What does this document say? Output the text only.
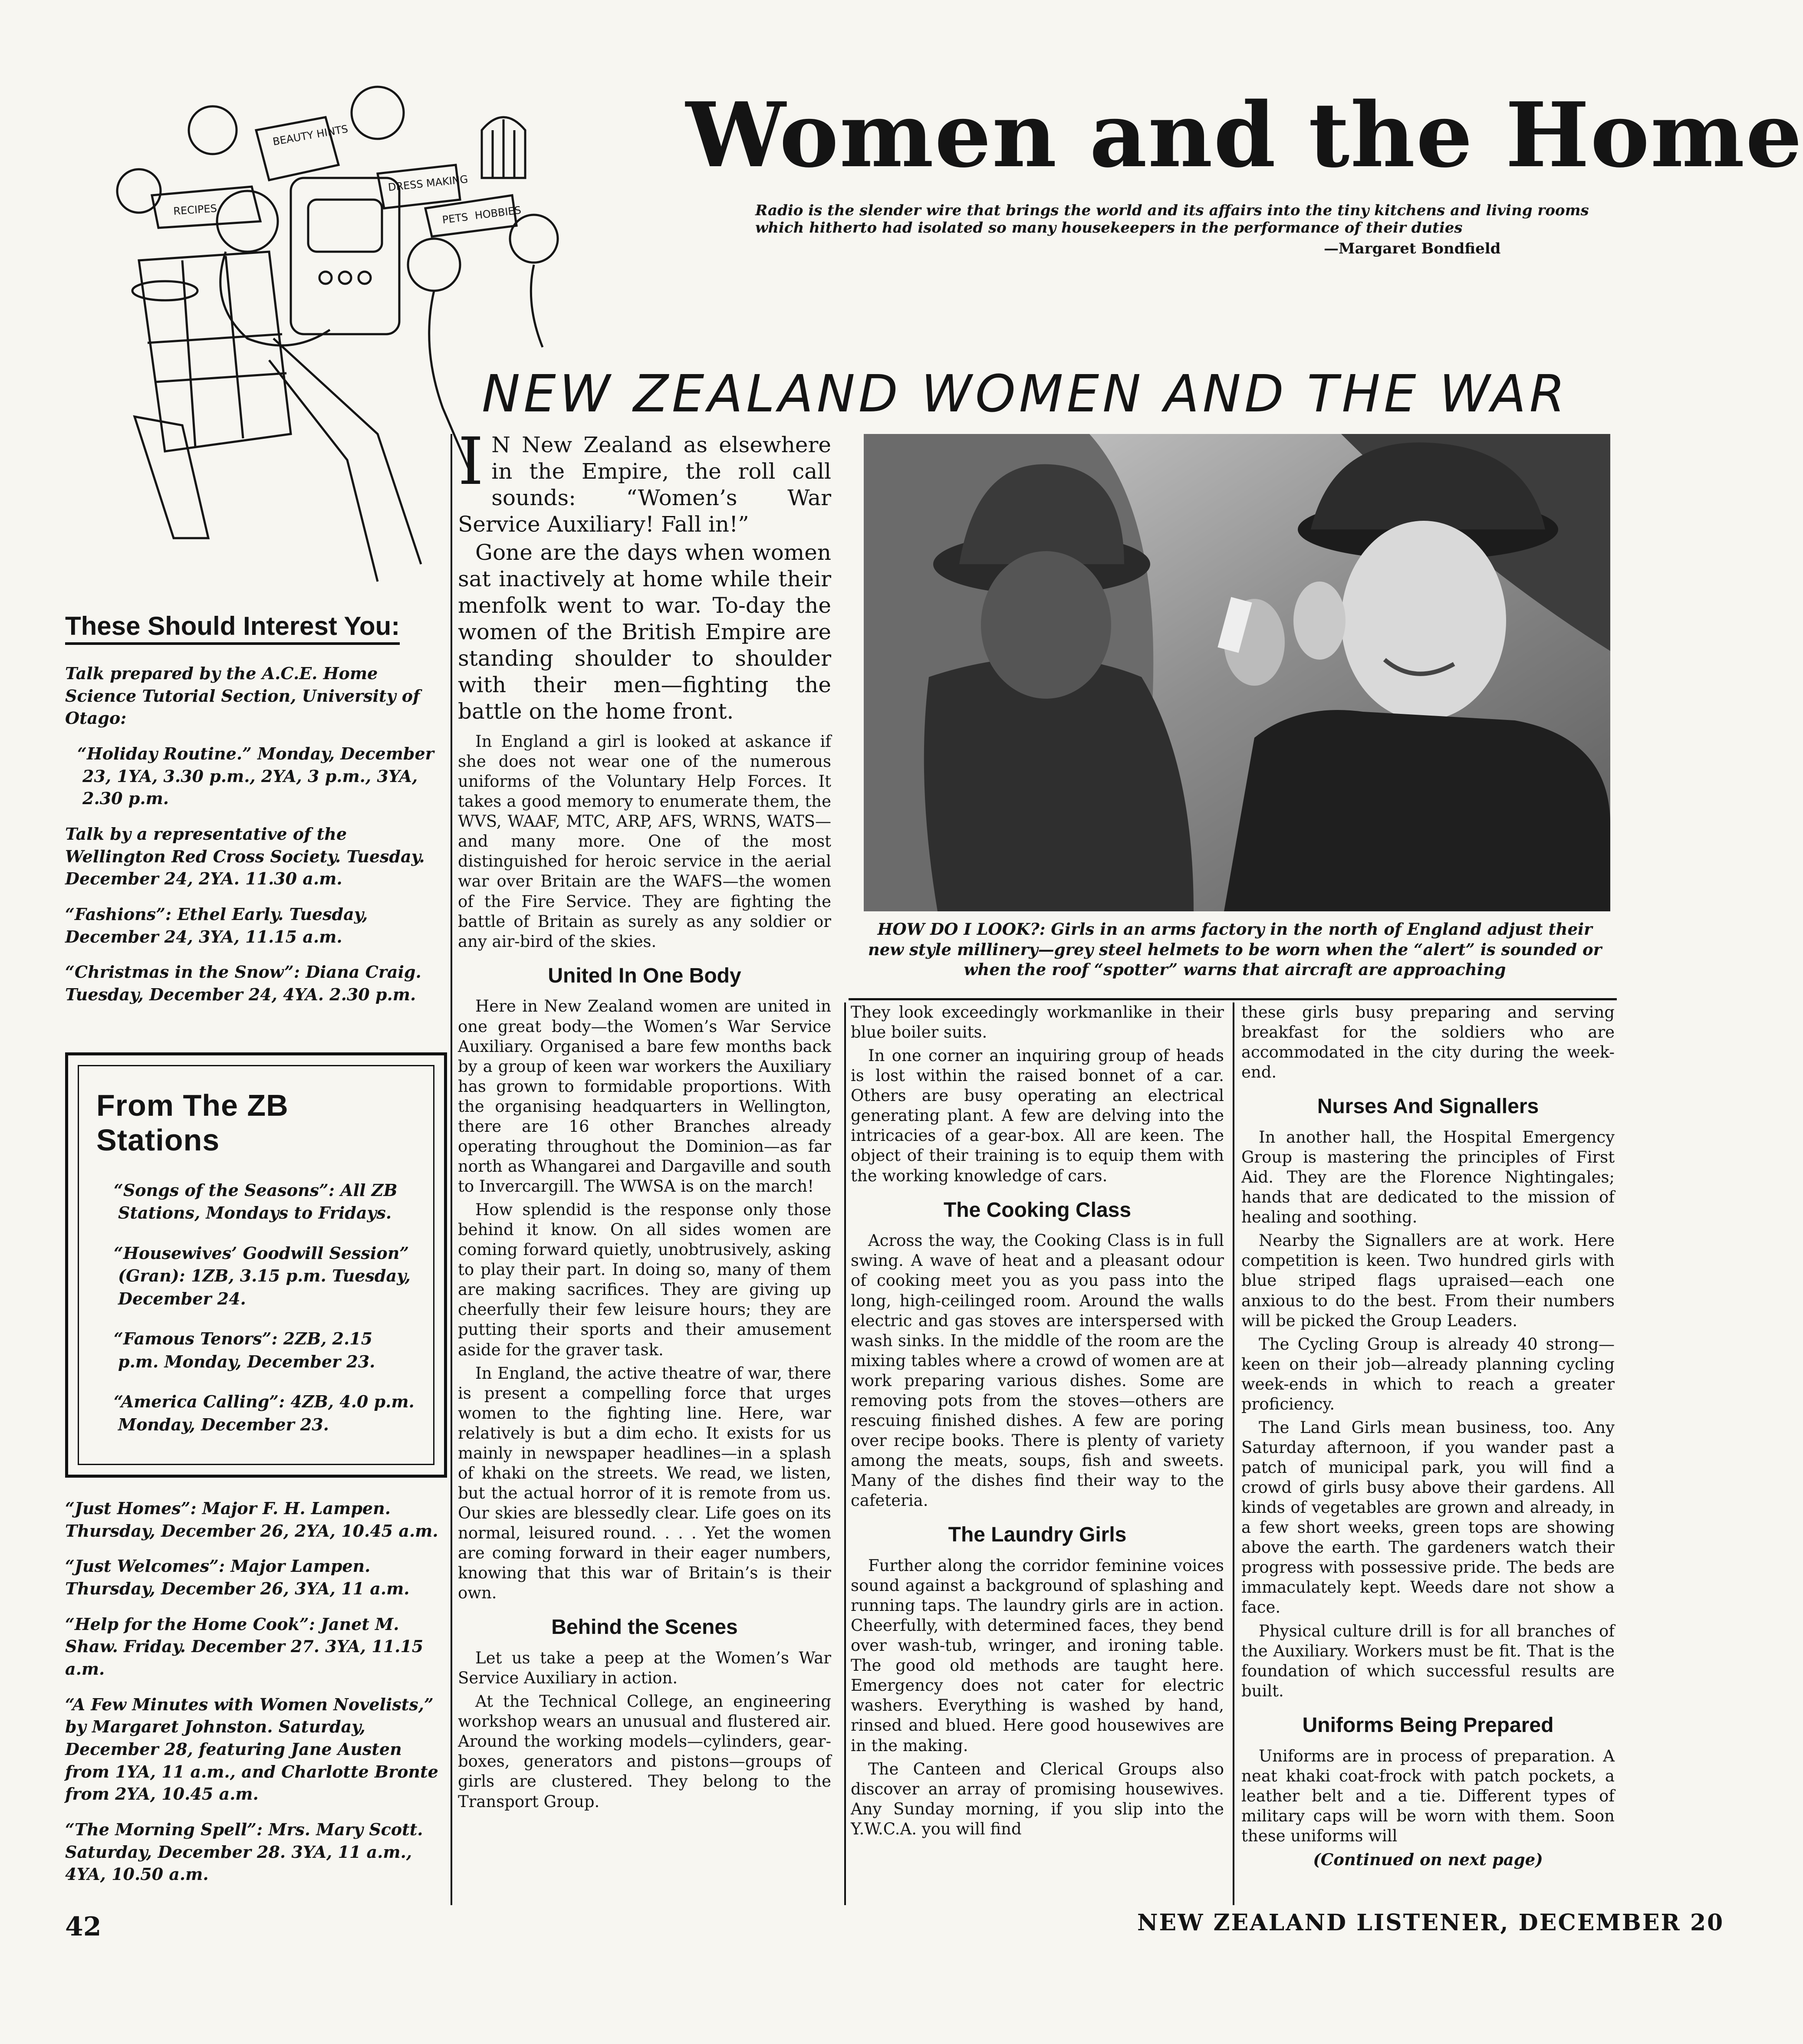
Women and the Home
Radio is the slender wire that brings the world and its affairs into the tiny kitchens and living rooms which hitherto had isolated so many housekeepers in the performance of their duties
—Margaret Bondfield
BEAUTY HINTS
DRESS MAKING
RECIPES
PETS HOBBIES
NEW ZEALAND WOMEN AND THE WAR
These Should Interest You:
Talk prepared by the A.C.E. Home Science Tutorial Section, University of Otago:
“Holiday Routine.” Monday, December 23, 1YA, 3.30 p.m., 2YA, 3 p.m., 3YA, 2.30 p.m.
Talk by a representative of the Wellington Red Cross Society. Tuesday. December 24, 2YA. 11.30 a.m.
“Fashions”: Ethel Early. Tuesday, December 24, 3YA, 11.15 a.m.
“Christmas in the Snow”: Diana Craig. Tuesday, December 24, 4YA. 2.30 p.m.
From The ZB Stations
“Songs of the Seasons”: All ZB Stations, Mondays to Fridays.
“Housewives’ Goodwill Session” (Gran): 1ZB, 3.15 p.m. Tuesday, December 24.
“Famous Tenors”: 2ZB, 2.15 p.m. Monday, December 23.
“America Calling”: 4ZB, 4.0 p.m. Monday, December 23.
“Just Homes”: Major F. H. Lampen. Thursday, December 26, 2YA, 10.45 a.m.
“Just Welcomes”: Major Lampen. Thursday, December 26, 3YA, 11 a.m.
“Help for the Home Cook”: Janet M. Shaw. Friday. December 27. 3YA, 11.15 a.m.
“A Few Minutes with Women Novelists,” by Margaret Johnston. Saturday, December 28, featuring Jane Austen from 1YA, 11 a.m., and Charlotte Bronte from 2YA, 10.45 a.m.
“The Morning Spell”: Mrs. Mary Scott. Saturday, December 28. 3YA, 11 a.m., 4YA, 10.50 a.m.
I N New Zealand as elsewhere in the Empire, the roll call sounds: “Women’s War Service Auxiliary! Fall in!”
Gone are the days when women sat inactively at home while their menfolk went to war. To-day the women of the British Empire are standing shoulder to shoulder with their men—fighting the battle on the home front.

In England a girl is looked at askance if she does not wear one of the numerous uniforms of the Voluntary Help Forces. It takes a good memory to enumerate them, the WVS, WAAF, MTC, ARP, AFS, WRNS, WATS—and many more. One of the most distinguished for heroic service in the aerial war over Britain are the WAFS—the women of the Fire Service. They are fighting the battle of Britain as surely as any soldier or any air-bird of the skies.

United In One Body

Here in New Zealand women are united in one great body—the Women’s War Service Auxiliary. Organised a bare few months back by a group of keen war workers the Auxiliary has grown to formidable proportions. With the organising headquarters in Wellington, there are 16 other Branches already operating throughout the Dominion—as far north as Whangarei and Dargaville and south to Invercargill. The WWSA is on the march!

How splendid is the response only those behind it know. On all sides women are coming forward quietly, unobtrusively, asking to play their part. In doing so, many of them are making sacrifices. They are giving up cheerfully their few leisure hours; they are putting their sports and their amusement aside for the graver task.

In England, the active theatre of war, there is present a compelling force that urges women to the fighting line. Here, war relatively is but a dim echo. It exists for us mainly in newspaper headlines—in a splash of khaki on the streets. We read, we listen, but the actual horror of it is remote from us. Our skies are blessedly clear. Life goes on its normal, leisured round. . . . Yet the women are coming forward in their eager numbers, knowing that this war of Britain’s is their own.

Behind the Scenes

Let us take a peep at the Women’s War Service Auxiliary in action.

At the Technical College, an engineering workshop wears an unusual and flustered air. Around the working models—cylinders, gear-boxes, generators and pistons—groups of girls are clustered. They belong to the Transport Group.

HOW DO I LOOK?: Girls in an arms factory in the north of England adjust their new style millinery—grey steel helmets to be worn when the “alert” is sounded or when the roof “spotter” warns that aircraft are approaching

They look exceedingly workmanlike in their blue boiler suits.

In one corner an inquiring group of heads is lost within the raised bonnet of a car. Others are busy operating an electrical generating plant. A few are delving into the intricacies of a gear-box. All are keen. The object of their training is to equip them with the working knowledge of cars.

The Cooking Class

Across the way, the Cooking Class is in full swing. A wave of heat and a pleasant odour of cooking meet you as you pass into the long, high-ceilinged room. Around the walls electric and gas stoves are interspersed with wash sinks. In the middle of the room are the mixing tables where a crowd of women are at work preparing various dishes. Some are removing pots from the stoves—others are rescuing finished dishes. A few are poring over recipe books. There is plenty of variety among the meats, soups, fish and sweets. Many of the dishes find their way to the cafeteria.

The Laundry Girls

Further along the corridor feminine voices sound against a background of splashing and running taps. The laundry girls are in action. Cheerfully, with determined faces, they bend over wash-tub, wringer, and ironing table. The good old methods are taught here. Emergency does not cater for electric washers. Everything is washed by hand, rinsed and blued. Here good housewives are in the making.

The Canteen and Clerical Groups also discover an array of promising housewives. Any Sunday morning, if you slip into the Y.W.C.A. you will find

these girls busy preparing and serving breakfast for the soldiers who are accommodated in the city during the week-end.

Nurses And Signallers

In another hall, the Hospital Emergency Group is mastering the principles of First Aid. They are the Florence Nightingales; hands that are dedicated to the mission of healing and soothing.

Nearby the Signallers are at work. Here competition is keen. Two hundred girls with blue striped flags upraised—each one anxious to do the best. From their numbers will be picked the Group Leaders.

The Cycling Group is already 40 strong—keen on their job—already planning cycling week-ends in which to reach a greater proficiency.

The Land Girls mean business, too. Any Saturday afternoon, if you wander past a patch of municipal park, you will find a crowd of girls busy above their gardens. All kinds of vegetables are grown and already, in a few short weeks, green tops are showing above the earth. The gardeners watch their progress with possessive pride. The beds are immaculately kept. Weeds dare not show a face.

Physical culture drill is for all branches of the Auxiliary. Workers must be fit. That is the foundation of which successful results are built.

Uniforms Being Prepared

Uniforms are in process of preparation. A neat khaki coat-frock with patch pockets, a leather belt and a tie. Different types of military caps will be worn with them. Soon these uniforms will

(Continued on next page)
42	NEW ZEALAND LISTENER, DECEMBER 20
